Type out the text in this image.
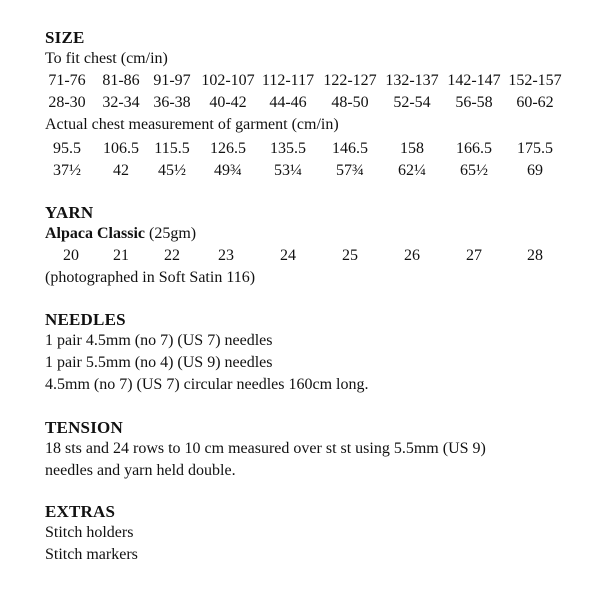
SIZE

To fit chest (cm/in)

71-76 81-86 91-97 102-107 112-117 122-127 132-137 142-147 152-157
28-30 32-34 36-38 40-42 44-46 48-50 52-54 56-58 60-62

Actual chest measurement of garment (cm/in)

95.5 106.5 115.5 126.5 135.5 146.5 158 166.5 175.5
37½ 42 45½ 49¾ 53¼ 57¾ 62¼ 65½ 69

YARN

Alpaca Classic (25gm)

20 21 22 23	24	25	26	27	28

(photographed in Soft Satin 116)

NEEDLES

1 pair 4.5mm (no 7) (US 7) needles

1 pair 5.5mm (no 4) (US 9) needles

4.5mm (no 7) (US 7) circular needles 160cm long.

TENSION

18 sts and 24 rows to 10 cm measured over st st using 5.5mm (US 9)

needles and yarn held double.

EXTRAS

Stitch holders

Stitch markers
